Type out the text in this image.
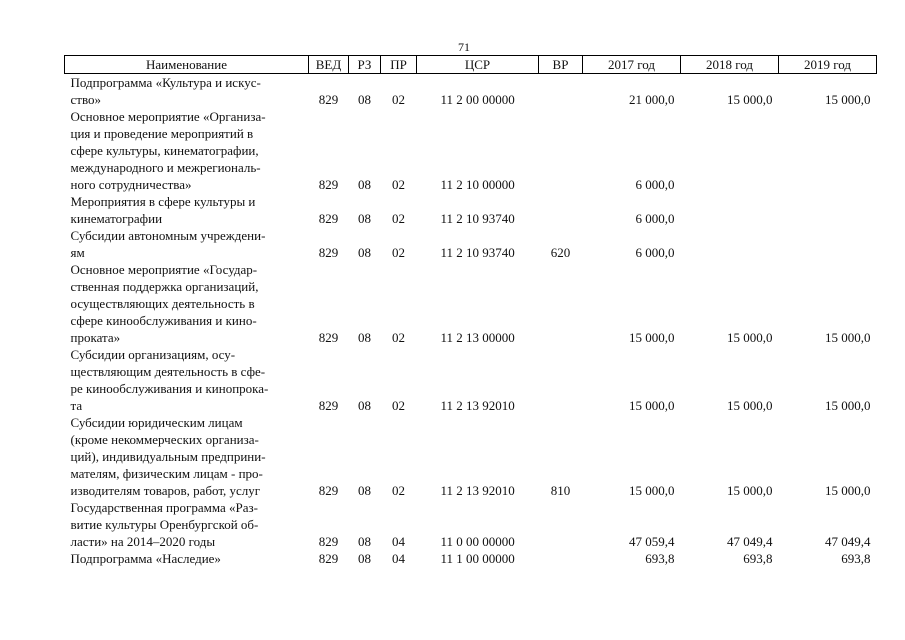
71
Наименование	ВЕД	РЗ	ПР	ЦСР	ВР	2017 год	2018 год	2019 год
Подпрограмма «Культура и искус-
ство»	829	08	02	11 2 00 00000		21 000,0	15 000,0	15 000,0
Основное мероприятие «Организа-
ция и проведение мероприятий в
сфере культуры, кинематографии,
международного и межрегиональ-
ного сотрудничества»	829	08	02	11 2 10 00000		6 000,0		
Мероприятия в сфере культуры и
кинематографии	829	08	02	11 2 10 93740		6 000,0		
Субсидии автономным учреждени-
ям	829	08	02	11 2 10 93740	620	6 000,0		
Основное мероприятие «Государ-
ственная поддержка организаций,
осуществляющих деятельность в
сфере кинообслуживания и кино-
проката»	829	08	02	11 2 13 00000		15 000,0	15 000,0	15 000,0
Субсидии организациям, осу-
ществляющим деятельность в сфе-
ре кинообслуживания и кинопрока-
та	829	08	02	11 2 13 92010		15 000,0	15 000,0	15 000,0
Субсидии юридическим лицам
(кроме некоммерческих организа-
ций), индивидуальным предприни-
мателям, физическим лицам - про-
изводителям товаров, работ, услуг	829	08	02	11 2 13 92010	810	15 000,0	15 000,0	15 000,0
Государственная программа «Раз-
витие культуры Оренбургской об-
ласти» на 2014–2020 годы	829	08	04	11 0 00 00000		47 059,4	47 049,4	47 049,4
Подпрограмма «Наследие»	829	08	04	11 1 00 00000		693,8	693,8	693,8
